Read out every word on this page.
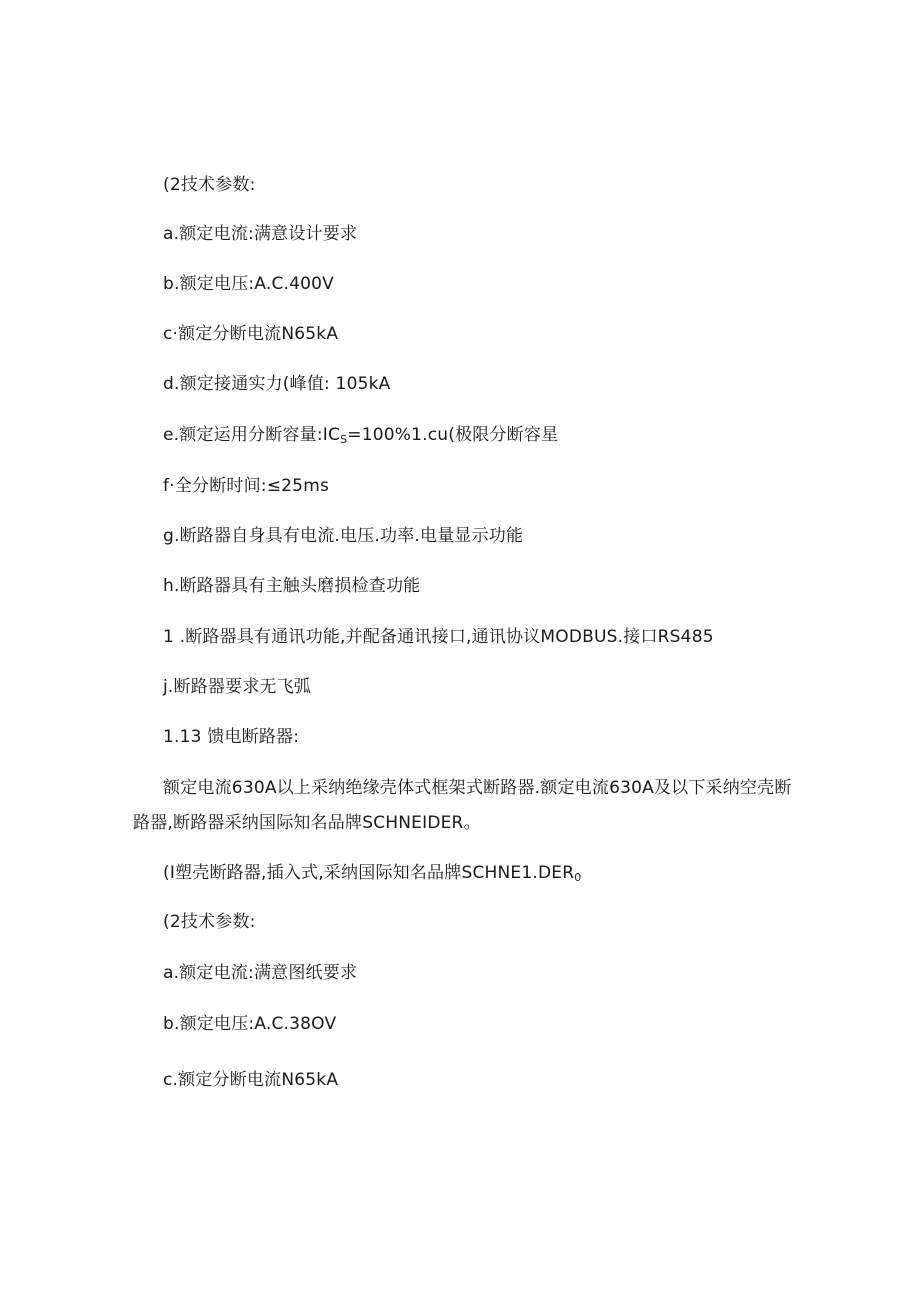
(2技术参数:
a.额定电流:满意设计要求
b.额定电压:A.C.400V
c·额定分断电流N65kA
d.额定接通实力(峰值: 105kA
e.额定运用分断容量$:IC_S=100\%1.cu$(极限分断容星
f·全分断时间:≤25ms
g.断路器自身具有电流.电压.功率.电量显示功能
h.断路器具有主触头磨损检查功能
1 .断路器具有通讯功能,并配备通讯接口,通讯协议MODBUS.接口RS485
j.断路器要求无飞弧
1.13 馈电断路器:
额定电流630A以上采纳绝缘壳体式框架式断路器.额定电流630A及以下采纳空壳断
路器,断路器采纳国际知名品牌SCHNEIDER。
(I塑壳断路器,插入式,采纳国际知名品牌$SCHNE1.DER_0$
(2技术参数:
a.额定电流:满意图纸要求
b.额定电压:A.C.38OV
c.额定分断电流N65kA
